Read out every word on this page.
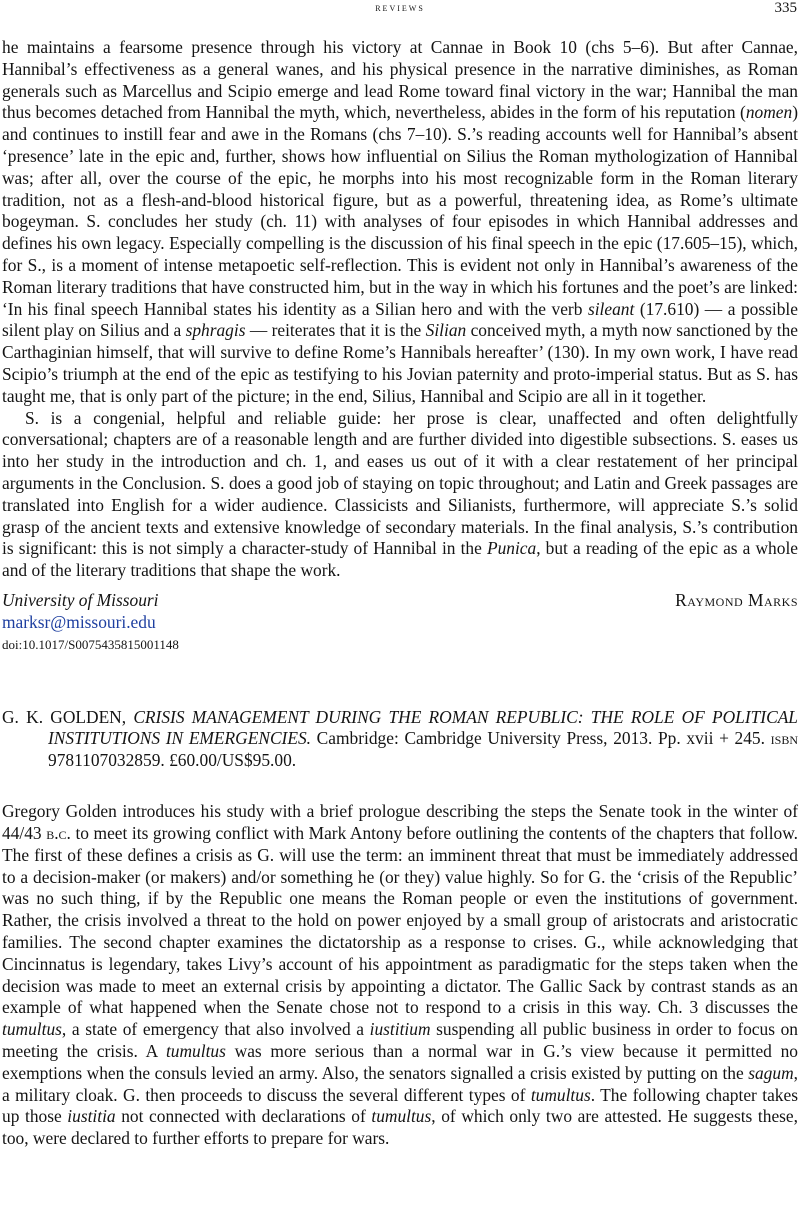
reviews	335

he maintains a fearsome presence through his victory at Cannae in Book 10 (chs 5–6). But after Cannae, Hannibal’s effectiveness as a general wanes, and his physical presence in the narrative diminishes, as Roman generals such as Marcellus and Scipio emerge and lead Rome toward final victory in the war; Hannibal the man thus becomes detached from Hannibal the myth, which, nevertheless, abides in the form of his reputation (nomen) and continues to instill fear and awe in the Romans (chs 7–10). S.’s reading accounts well for Hannibal’s absent ‘presence’ late in the epic and, further, shows how influential on Silius the Roman mythologization of Hannibal was; after all, over the course of the epic, he morphs into his most recognizable form in the Roman literary tradition, not as a flesh-and-blood historical figure, but as a powerful, threatening idea, as Rome’s ultimate bogeyman. S. concludes her study (ch. 11) with analyses of four episodes in which Hannibal addresses and defines his own legacy. Especially compelling is the discussion of his final speech in the epic (17.605–15), which, for S., is a moment of intense metapoetic self-reflection. This is evident not only in Hannibal’s awareness of the Roman literary traditions that have constructed him, but in the way in which his fortunes and the poet’s are linked: ‘In his final speech Hannibal states his identity as a Silian hero and with the verb sileant (17.610) — a possible silent play on Silius and a sphragis — reiterates that it is the Silian conceived myth, a myth now sanctioned by the Carthaginian himself, that will survive to define Rome’s Hannibals hereafter’ (130). In my own work, I have read Scipio’s triumph at the end of the epic as testifying to his Jovian paternity and proto-imperial status. But as S. has taught me, that is only part of the picture; in the end, Silius, Hannibal and Scipio are all in it together.

S. is a congenial, helpful and reliable guide: her prose is clear, unaffected and often delightfully conversational; chapters are of a reasonable length and are further divided into digestible subsections. S. eases us into her study in the introduction and ch. 1, and eases us out of it with a clear restatement of her principal arguments in the Conclusion. S. does a good job of staying on topic throughout; and Latin and Greek passages are translated into English for a wider audience. Classicists and Silianists, furthermore, will appreciate S.’s solid grasp of the ancient texts and extensive knowledge of secondary materials. In the final analysis, S.’s contribution is significant: this is not simply a character-study of Hannibal in the Punica, but a reading of the epic as a whole and of the literary traditions that shape the work.

University of Missouri	Raymond Marks
marksr@missouri.edu
doi:10.1017/S0075435815001148

G. K. GOLDEN, CRISIS MANAGEMENT DURING THE ROMAN REPUBLIC: THE ROLE OF POLITICAL INSTITUTIONS IN EMERGENCIES. Cambridge: Cambridge University Press, 2013. Pp. xvii + 245. isbn 9781107032859. £60.00/US$95.00.

Gregory Golden introduces his study with a brief prologue describing the steps the Senate took in the winter of 44/43 b.c. to meet its growing conflict with Mark Antony before outlining the contents of the chapters that follow. The first of these defines a crisis as G. will use the term: an imminent threat that must be immediately addressed to a decision-maker (or makers) and/or something he (or they) value highly. So for G. the ‘crisis of the Republic’ was no such thing, if by the Republic one means the Roman people or even the institutions of government. Rather, the crisis involved a threat to the hold on power enjoyed by a small group of aristocrats and aristocratic families. The second chapter examines the dictatorship as a response to crises. G., while acknowledging that Cincinnatus is legendary, takes Livy’s account of his appointment as paradigmatic for the steps taken when the decision was made to meet an external crisis by appointing a dictator. The Gallic Sack by contrast stands as an example of what happened when the Senate chose not to respond to a crisis in this way. Ch. 3 discusses the tumultus, a state of emergency that also involved a iustitium suspending all public business in order to focus on meeting the crisis. A tumultus was more serious than a normal war in G.’s view because it permitted no exemptions when the consuls levied an army. Also, the senators signalled a crisis existed by putting on the sagum, a military cloak. G. then proceeds to discuss the several different types of tumultus. The following chapter takes up those iustitia not connected with declarations of tumultus, of which only two are attested. He suggests these, too, were declared to further efforts to prepare for wars.
